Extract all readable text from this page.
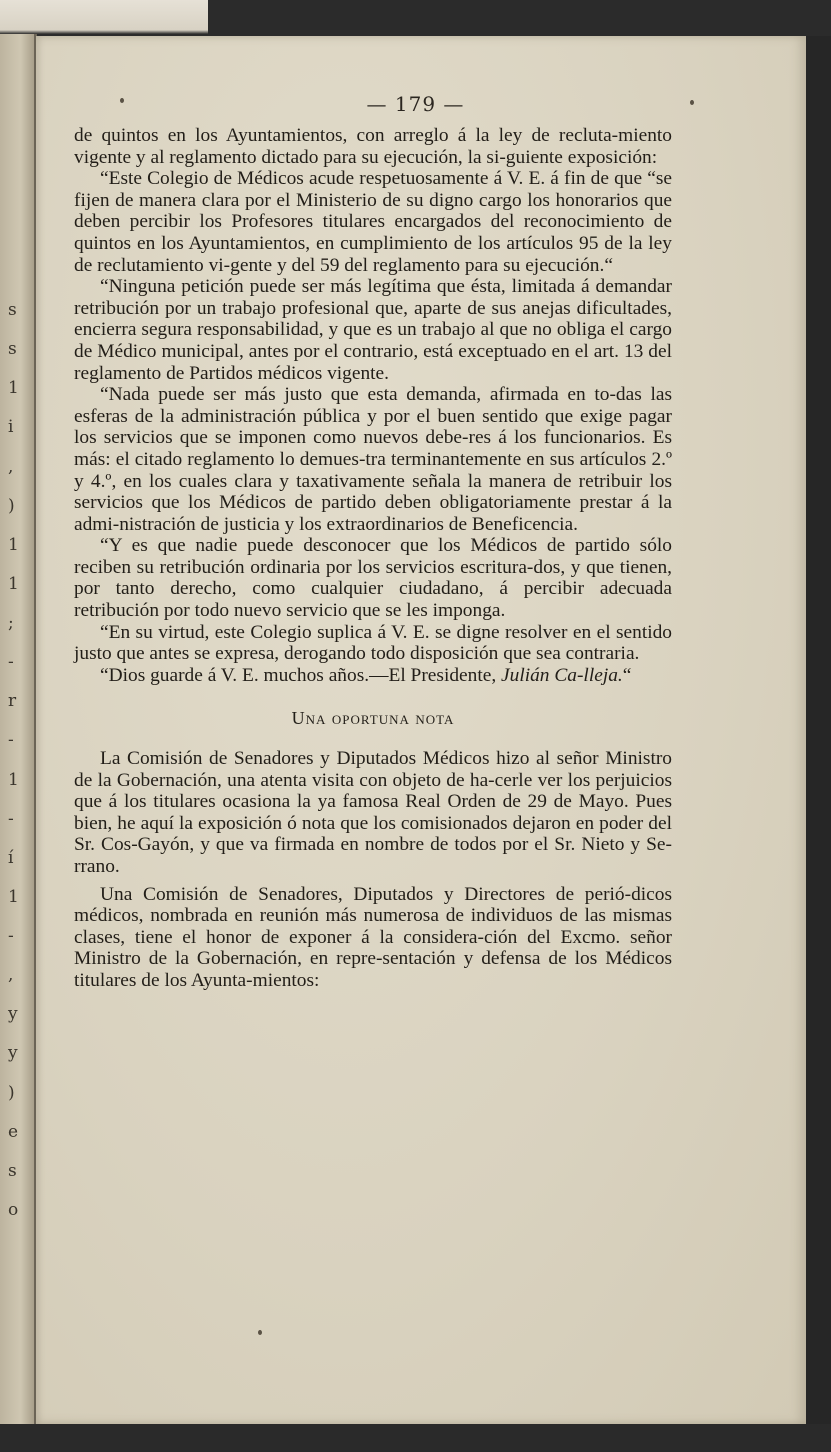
s
s
1
i
,
)
1
1
;
-
r
-
1
-
í
1
-
,
y
y
)
e
s
o
— 179 —

de quintos en los Ayuntamientos, con arreglo á la ley de recluta-miento vigente y al reglamento dictado para su ejecución, la si-guiente exposición:

“Este Colegio de Médicos acude respetuosamente á V. E. á fin de que “se fijen de manera clara por el Ministerio de su digno cargo los honorarios que deben percibir los Profesores titulares encargados del reconocimiento de quintos en los Ayuntamientos, en cumplimiento de los artículos 95 de la ley de reclutamiento vi-gente y del 59 del reglamento para su ejecución.“

“Ninguna petición puede ser más legítima que ésta, limitada á demandar retribución por un trabajo profesional que, aparte de sus anejas dificultades, encierra segura responsabilidad, y que es un trabajo al que no obliga el cargo de Médico municipal, antes por el contrario, está exceptuado en el art. 13 del reglamento de Partidos médicos vigente.

“Nada puede ser más justo que esta demanda, afirmada en to-das las esferas de la administración pública y por el buen sentido que exige pagar los servicios que se imponen como nuevos debe-res á los funcionarios. Es más: el citado reglamento lo demues-tra terminantemente en sus artículos 2.º y 4.º, en los cuales clara y taxativamente señala la manera de retribuir los servicios que los Médicos de partido deben obligatoriamente prestar á la admi-nistración de justicia y los extraordinarios de Beneficencia.

“Y es que nadie puede desconocer que los Médicos de partido sólo reciben su retribución ordinaria por los servicios escritura-dos, y que tienen, por tanto derecho, como cualquier ciudadano, á percibir adecuada retribución por todo nuevo servicio que se les imponga.

“En su virtud, este Colegio suplica á V. E. se digne resolver en el sentido justo que antes se expresa, derogando todo disposición que sea contraria.

“Dios guarde á V. E. muchos años.—El Presidente, Julián Ca-lleja.“

Una oportuna nota

La Comisión de Senadores y Diputados Médicos hizo al señor Ministro de la Gobernación, una atenta visita con objeto de ha-cerle ver los perjuicios que á los titulares ocasiona la ya famosa Real Orden de 29 de Mayo. Pues bien, he aquí la exposición ó nota que los comisionados dejaron en poder del Sr. Cos-Gayón, y que va firmada en nombre de todos por el Sr. Nieto y Se-rrano.

Una Comisión de Senadores, Diputados y Directores de perió-dicos médicos, nombrada en reunión más numerosa de individuos de las mismas clases, tiene el honor de exponer á la considera-ción del Excmo. señor Ministro de la Gobernación, en repre-sentación y defensa de los Médicos titulares de los Ayunta-mientos:
